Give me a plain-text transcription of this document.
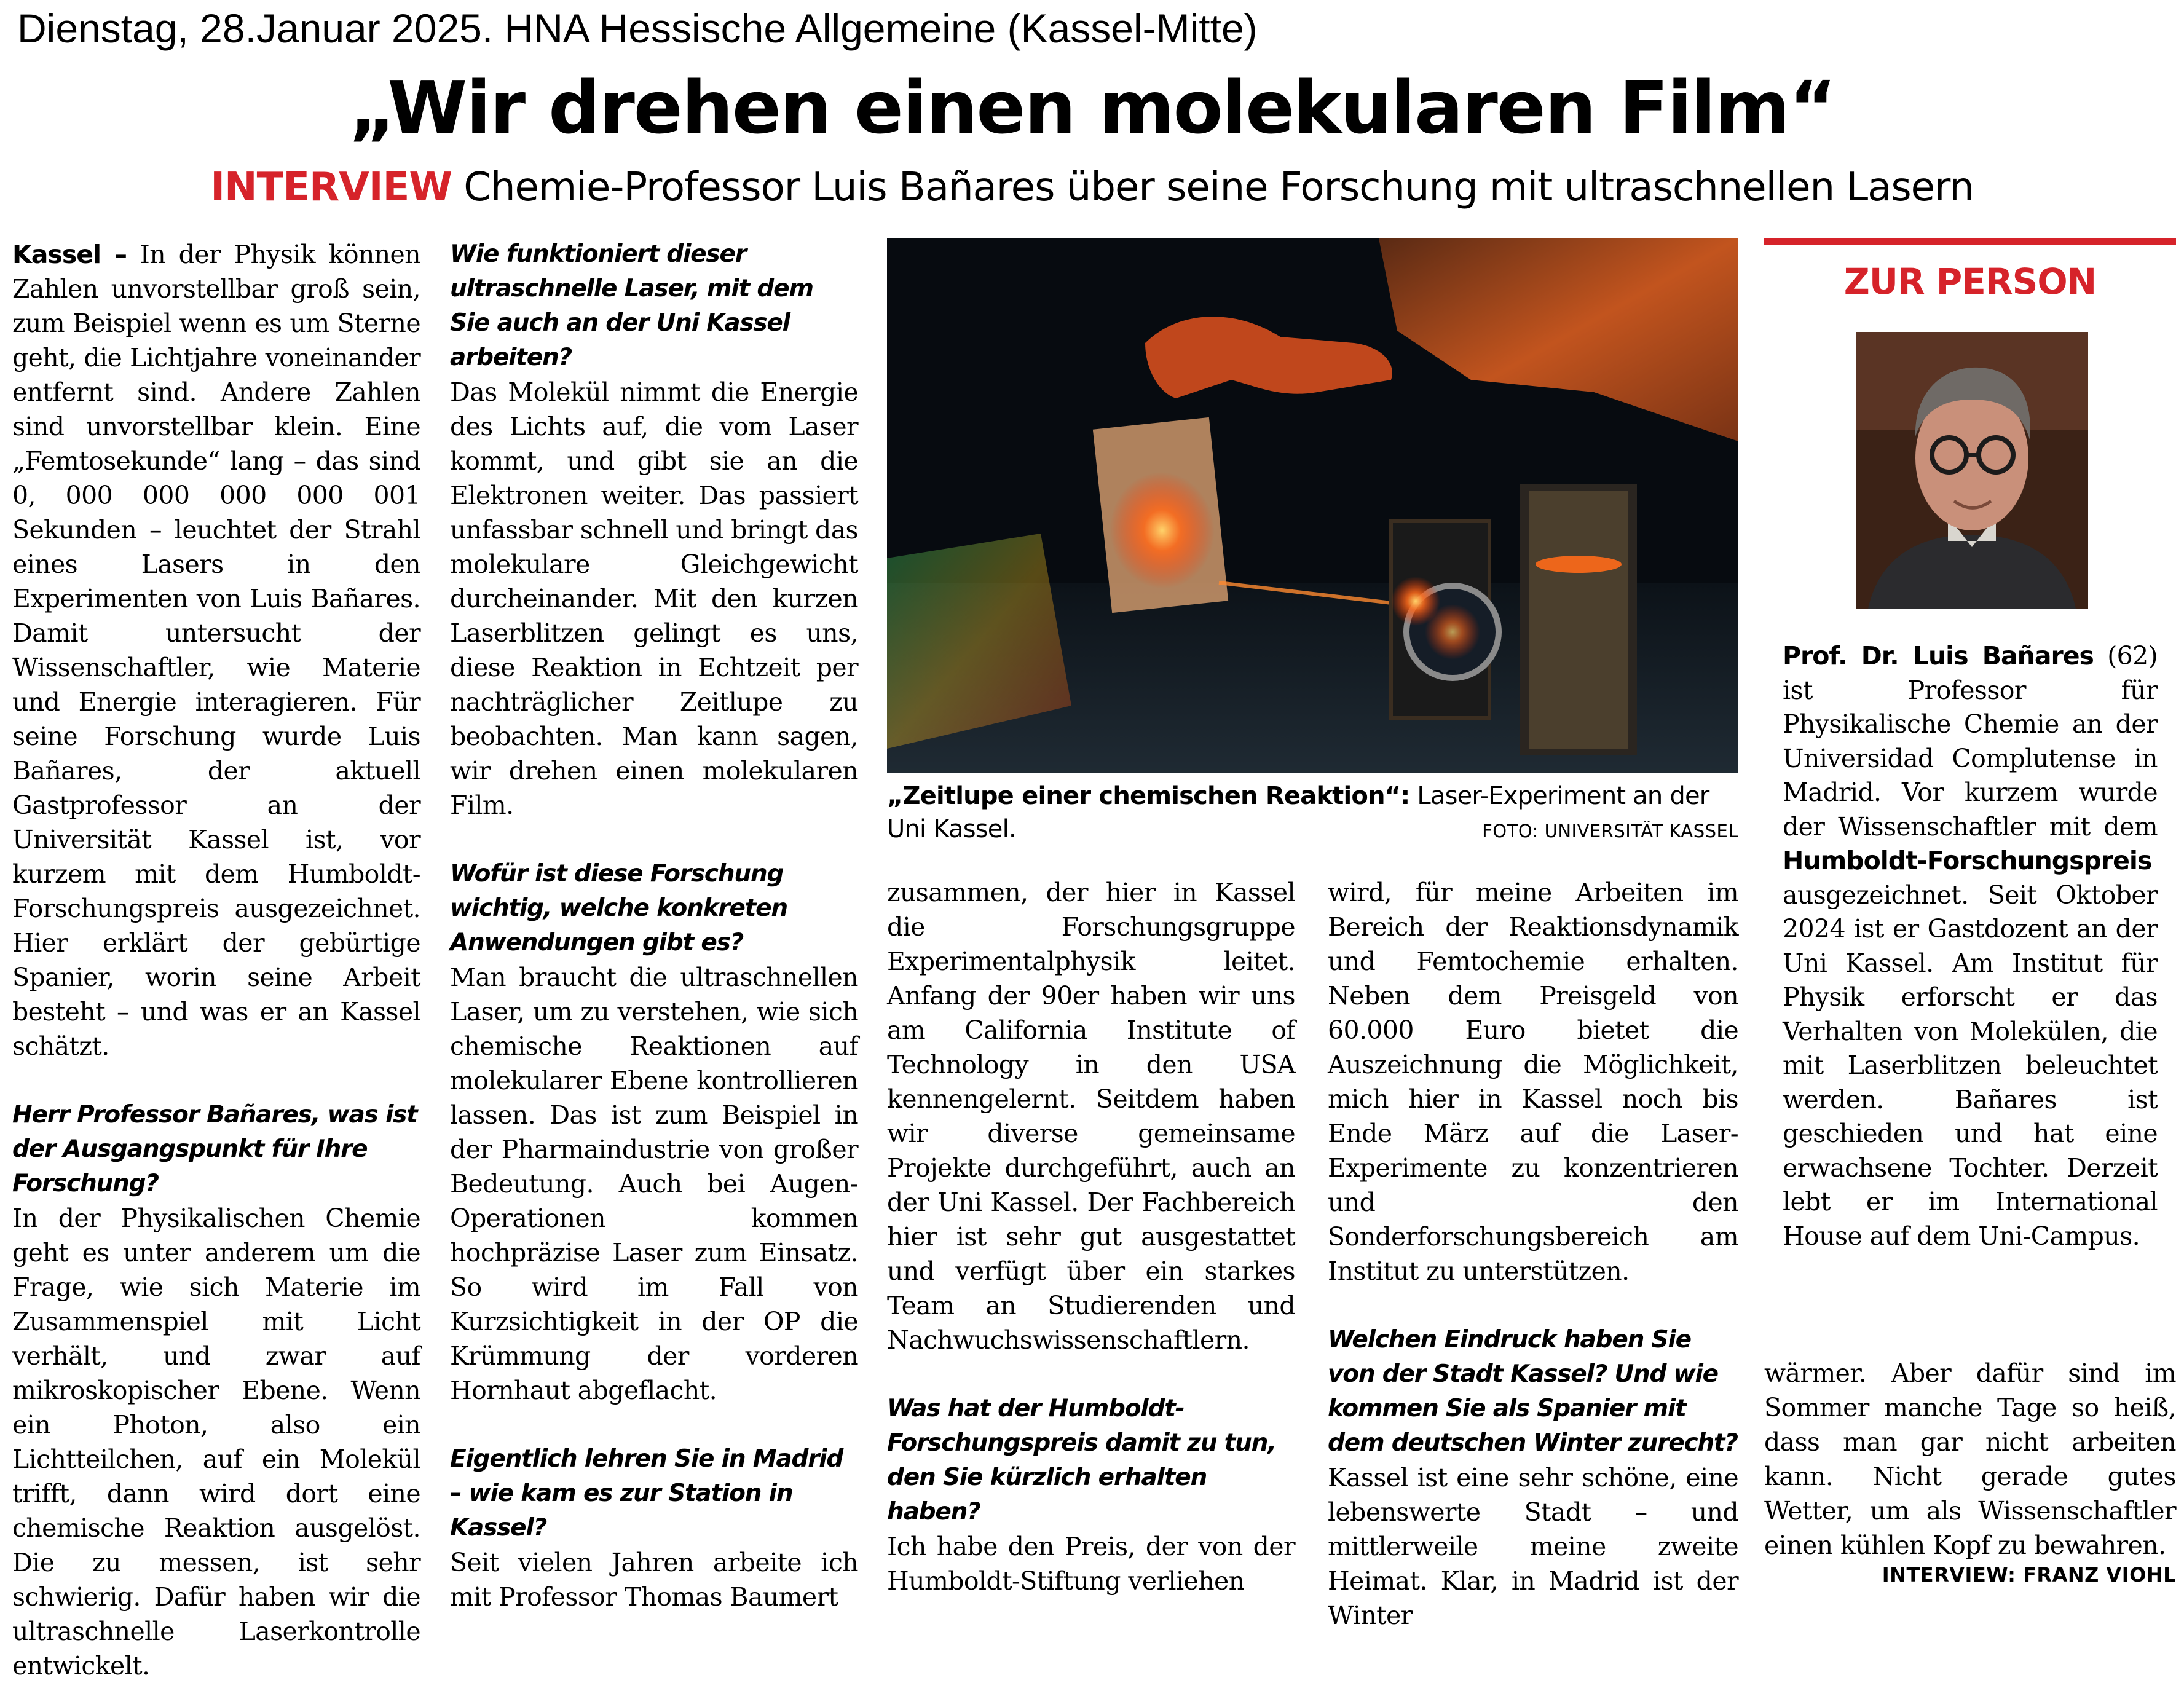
Dienstag, 28.Januar 2025. HNA Hessische Allgemeine (Kassel-Mitte)
„Wir drehen einen molekularen Film“
INTERVIEW Chemie-Professor Luis Bañares über seine Forschung mit ultraschnellen Lasern

Kassel – In der Physik können Zahlen unvorstellbar groß sein, zum Beispiel wenn es um Sterne geht, die Lichtjahre voneinander entfernt sind. Andere Zahlen sind unvorstellbar klein. Eine „Femtosekunde“ lang – das sind 0, 000 000 000 000 001 Sekunden – leuchtet der Strahl eines Lasers in den Experimenten von Luis Bañares. Damit untersucht der Wissenschaftler, wie Materie und Energie interagieren. Für seine Forschung wurde Luis Bañares, der aktuell Gastprofessor an der Universität Kassel ist, vor kurzem mit dem Humboldt-Forschungspreis ausgezeichnet. Hier erklärt der gebürtige Spanier, worin seine Arbeit besteht – und was er an Kassel schätzt.

Herr Professor Bañares, was ist der Ausgangspunkt für Ihre Forschung?

In der Physikalischen Chemie geht es unter anderem um die Frage, wie sich Materie im Zusammenspiel mit Licht verhält, und zwar auf mikroskopischer Ebene. Wenn ein Photon, also ein Lichtteilchen, auf ein Molekül trifft, dann wird dort eine chemische Reaktion ausgelöst. Die zu messen, ist sehr schwierig. Dafür haben wir die ultraschnelle Laserkontrolle entwickelt.

Wie funktioniert dieser ultraschnelle Laser, mit dem Sie auch an der Uni Kassel arbeiten?

Das Molekül nimmt die Energie des Lichts auf, die vom Laser kommt, und gibt sie an die Elektronen weiter. Das passiert unfassbar schnell und bringt das molekulare Gleichgewicht durcheinander. Mit den kurzen Laserblitzen gelingt es uns, diese Reaktion in Echtzeit per nachträglicher Zeitlupe zu beobachten. Man kann sagen, wir drehen einen molekularen Film.

Wofür ist diese Forschung wichtig, welche konkreten Anwendungen gibt es?

Man braucht die ultraschnellen Laser, um zu verstehen, wie sich chemische Reaktionen auf molekularer Ebene kontrollieren lassen. Das ist zum Beispiel in der Pharmaindustrie von großer Bedeutung. Auch bei Augen-Operationen kommen hochpräzise Laser zum Einsatz. So wird im Fall von Kurzsichtigkeit in der OP die Krümmung der vorderen Hornhaut abgeflacht.

Eigentlich lehren Sie in Madrid – wie kam es zur Station in Kassel?

Seit vielen Jahren arbeite ich mit Professor Thomas Baumert

„Zeitlupe einer chemischen Reaktion“: Laser-Experiment an der Uni Kassel.	FOTO: UNIVERSITÄT KASSEL

zusammen, der hier in Kassel die Forschungsgruppe Experimentalphysik leitet. Anfang der 90er haben wir uns am California Institute of Technology in den USA kennengelernt. Seitdem haben wir diverse gemeinsame Projekte durchgeführt, auch an der Uni Kassel. Der Fachbereich hier ist sehr gut ausgestattet und verfügt über ein starkes Team an Studierenden und Nachwuchswissenschaftlern.

Was hat der Humboldt-Forschungspreis damit zu tun, den Sie kürzlich erhalten haben?

Ich habe den Preis, der von der Humboldt-Stiftung verliehen

wird, für meine Arbeiten im Bereich der Reaktionsdynamik und Femtochemie erhalten. Neben dem Preisgeld von 60.000 Euro bietet die Auszeichnung die Möglichkeit, mich hier in Kassel noch bis Ende März auf die Laser-Experimente zu konzentrieren und den Sonderforschungsbereich am Institut zu unterstützen.

Welchen Eindruck haben Sie von der Stadt Kassel? Und wie kommen Sie als Spanier mit dem deutschen Winter zurecht?

Kassel ist eine sehr schöne, eine lebenswerte Stadt – und mittlerweile meine zweite Heimat. Klar, in Madrid ist der Winter

ZUR PERSON
Prof. Dr. Luis Bañares (62) ist Professor für Physikalische Chemie an der Universidad Complutense in Madrid. Vor kurzem wurde der Wissenschaftler mit dem Humboldt-Forschungspreis ausgezeichnet. Seit Oktober 2024 ist er Gastdozent an der Uni Kassel. Am Institut für Physik erforscht er das Verhalten von Molekülen, die mit Laserblitzen beleuchtet werden. Bañares ist geschieden und hat eine erwachsene Tochter. Derzeit lebt er im International House auf dem Uni-Campus.

wärmer. Aber dafür sind im Sommer manche Tage so heiß, dass man gar nicht arbeiten kann. Nicht gerade gutes Wetter, um als Wissenschaftler einen kühlen Kopf zu bewahren.

INTERVIEW: FRANZ VIOHL
